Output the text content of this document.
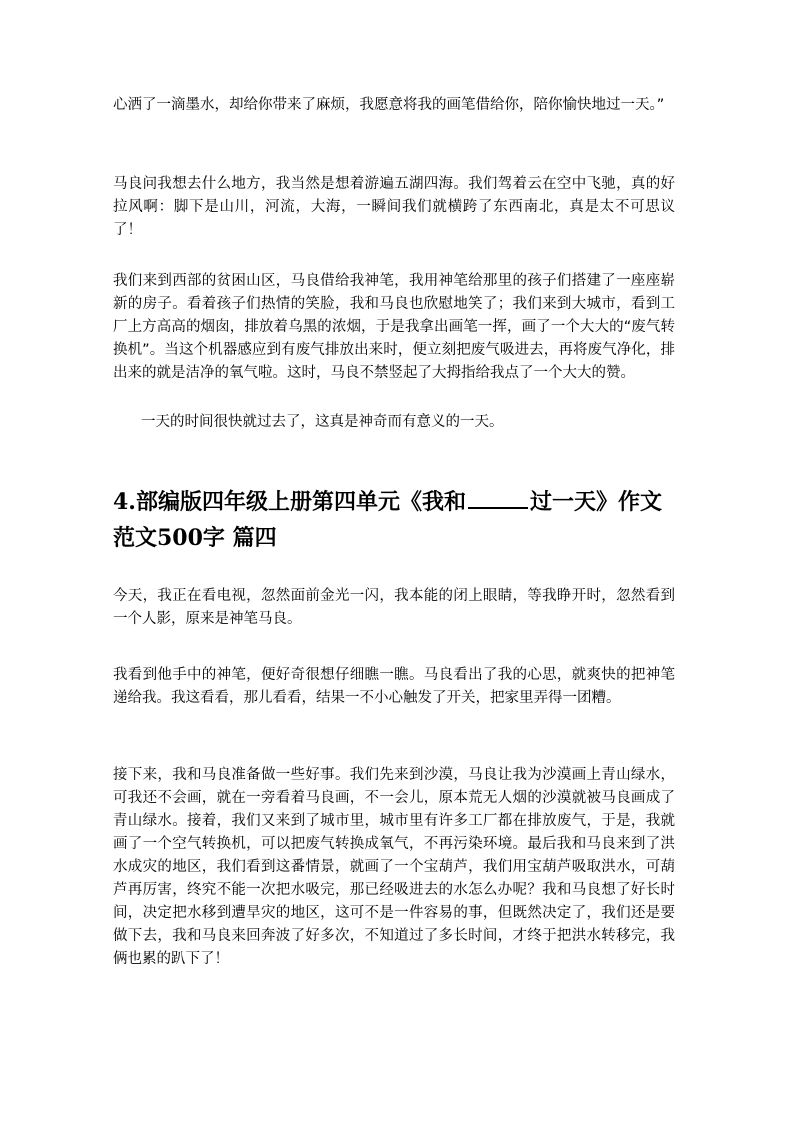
心洒了一滴墨水，却给你带来了麻烦，我愿意将我的画笔借给你，陪你愉快地过一天。”

马良问我想去什么地方，我当然是想着游遍五湖四海。我们驾着云在空中飞驰，真的好拉风啊：脚下是山川，河流，大海，一瞬间我们就横跨了东西南北，真是太不可思议了！

我们来到西部的贫困山区，马良借给我神笔，我用神笔给那里的孩子们搭建了一座座崭新的房子。看着孩子们热情的笑脸，我和马良也欣慰地笑了；我们来到大城市，看到工厂上方高高的烟囱，排放着乌黑的浓烟，于是我拿出画笔一挥，画了一个大大的“废气转换机”。当这个机器感应到有废气排放出来时，便立刻把废气吸进去，再将废气净化，排出来的就是洁净的氧气啦。这时，马良不禁竖起了大拇指给我点了一个大大的赞。

一天的时间很快就过去了，这真是神奇而有意义的一天。

4.部编版四年级上册第四单元《我和	过一天》作文范文500字 篇四

今天，我正在看电视，忽然面前金光一闪，我本能的闭上眼睛，等我睁开时，忽然看到一个人影，原来是神笔马良。

我看到他手中的神笔，便好奇很想仔细瞧一瞧。马良看出了我的心思，就爽快的把神笔递给我。我这看看，那儿看看，结果一不小心触发了开关，把家里弄得一团糟。

接下来，我和马良准备做一些好事。我们先来到沙漠，马良让我为沙漠画上青山绿水，可我还不会画，就在一旁看着马良画，不一会儿，原本荒无人烟的沙漠就被马良画成了青山绿水。接着，我们又来到了城市里，城市里有许多工厂都在排放废气，于是，我就画了一个空气转换机，可以把废气转换成氧气，不再污染环境。最后我和马良来到了洪水成灾的地区，我们看到这番情景，就画了一个宝葫芦，我们用宝葫芦吸取洪水，可葫芦再厉害，终究不能一次把水吸完，那已经吸进去的水怎么办呢？我和马良想了好长时间，决定把水移到遭旱灾的地区，这可不是一件容易的事，但既然决定了，我们还是要做下去，我和马良来回奔波了好多次，不知道过了多长时间，才终于把洪水转移完，我俩也累的趴下了！
